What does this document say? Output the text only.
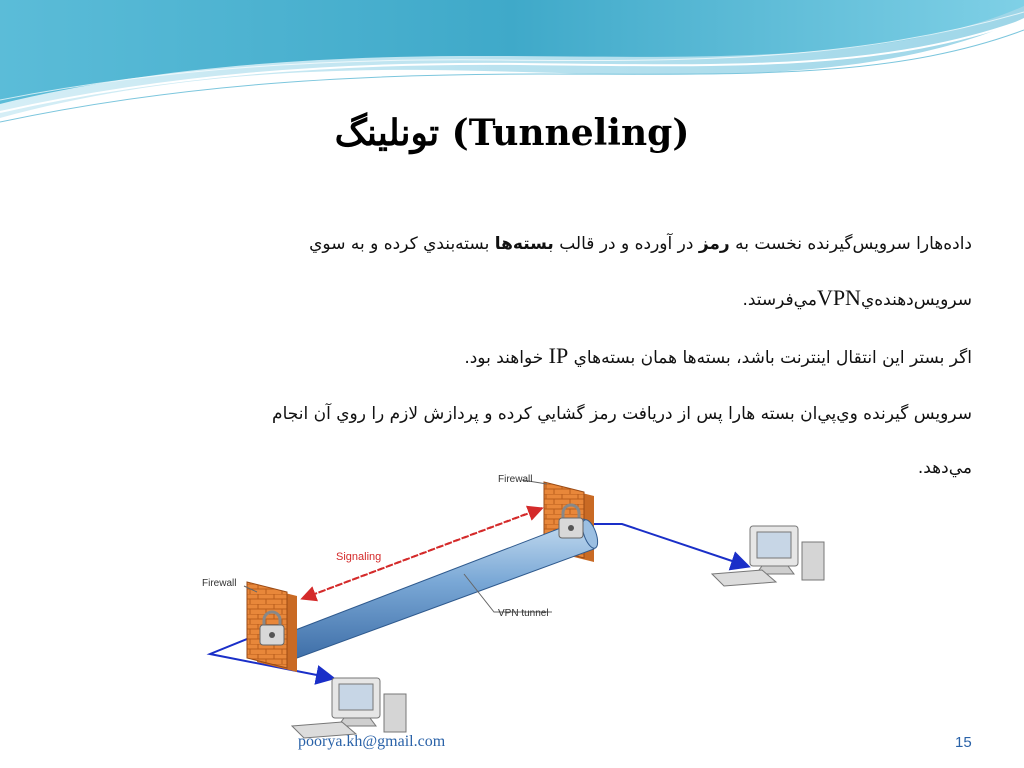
(Tunneling) تونلينگ
داده‌هارا سرويس‌گيرنده نخست به رمز در آورده و در قالب بسته‌ها بسته‌بندي كرده و به سوي
سرويس‌دهنده‌يVPNمي‌فرستد.
اگر بستر اين انتقال اينترنت باشد، بسته‌ها همان بسته‌هاي IP خواهند بود.
سرويس گيرنده وي‌پي‌ان بسته هارا پس از دريافت رمز گشايي كرده و پردازش لازم را روي آن انجام
مي‌دهد.
Firewall
Firewall
Signaling
VPN tunnel
poorya.kh@gmail.com	15
